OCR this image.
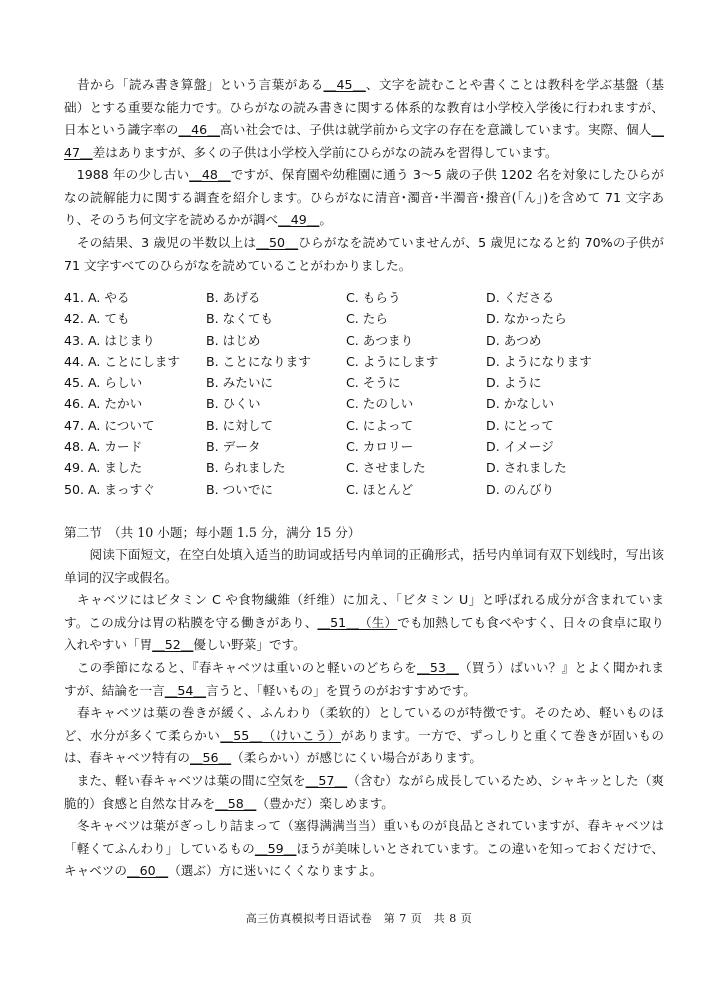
　昔から「読み書き算盤」という言葉がある＿45＿、文字を読むことや書くことは教科を学ぶ基盤（基础）とする重要な能力です。ひらがなの読み書きに関する体系的な教育は小学校入学後に行われますが、日本という識字率の＿46＿高い社会では、子供は就学前から文字の存在を意識しています。実際、個人＿47＿差はありますが、多くの子供は小学校入学前にひらがなの読みを習得しています。

　1988 年の少し古い＿48＿ですが、保育園や幼稚園に通う 3～5 歳の子供 1202 名を対象にしたひらがなの読解能力に関する調査を紹介します。ひらがなに清音･濁音･半濁音･撥音(「ん」)を含めて 71 文字あり、そのうち何文字を読めるかが調べ＿49＿。

　その結果、3 歳児の半数以上は＿50＿ひらがなを読めていませんが、5 歳児になると約 70%の子供が 71 文字すべてのひらがなを読めていることがわかりました。

41. A. やる	B. あげる	C. もらう	D. くださる
42. A. ても	B. なくても	C. たら	D. なかったら
43. A. はじまり	B. はじめ	C. あつまり	D. あつめ
44. A. ことにします	B. ことになります	C. ようにします	D. ようになります
45. A. らしい	B. みたいに	C. そうに	D. ように
46. A. たかい	B. ひくい	C. たのしい	D. かなしい
47. A. について	B. に対して	C. によって	D. にとって
48. A. カード	B. データ	C. カロリー	D. イメージ
49. A. ました	B. られました	C. させました	D. されました
50. A. まっすぐ	B. ついでに	C. ほとんど	D. のんびり
第二节　（共 10 小题；每小题 1.5 分，满分 15 分）

　　阅读下面短文，在空白处填入适当的助词或括号内单词的正确形式，括号内单词有双下划线时，写出该单词的汉字或假名。

　キャベツにはビタミン C や食物繊維（纤维）に加え、「ビタミン U」と呼ばれる成分が含まれています。この成分は胃の粘膜を守る働きがあり、＿51＿（生）でも加熱しても食べやすく、日々の食卓に取り入れやすい「胃＿52＿優しい野菜」です。

　この季節になると、『春キャベツは重いのと軽いのどちらを＿53＿（買う）ばいい？』とよく聞かれますが、結論を一言＿54＿言うと、「軽いもの」を買うのがおすすめです。

　春キャベツは葉の巻きが緩く、ふんわり（柔软的）としているのが特徴です。そのため、軽いものほど、水分が多くて柔らかい＿55＿（けいこう）があります。一方で、ずっしりと重くて巻きが固いものは、春キャベツ特有の＿56＿（柔らかい）が感じにくい場合があります。

　また、軽い春キャベツは葉の間に空気を＿57＿（含む）ながら成長しているため、シャキッとした（爽脆的）食感と自然な甘みを＿58＿（豊かだ）楽しめます。

　冬キャベツは葉がぎっしり詰まって（塞得满满当当）重いものが良品とされていますが、春キャベツは「軽くてふんわり」しているもの＿59＿ほうが美味しいとされています。この違いを知っておくだけで、キャベツの＿60＿（選ぶ）方に迷いにくくなりますよ。

高三仿真模拟考日语试卷　第 7 页　共 8 页
